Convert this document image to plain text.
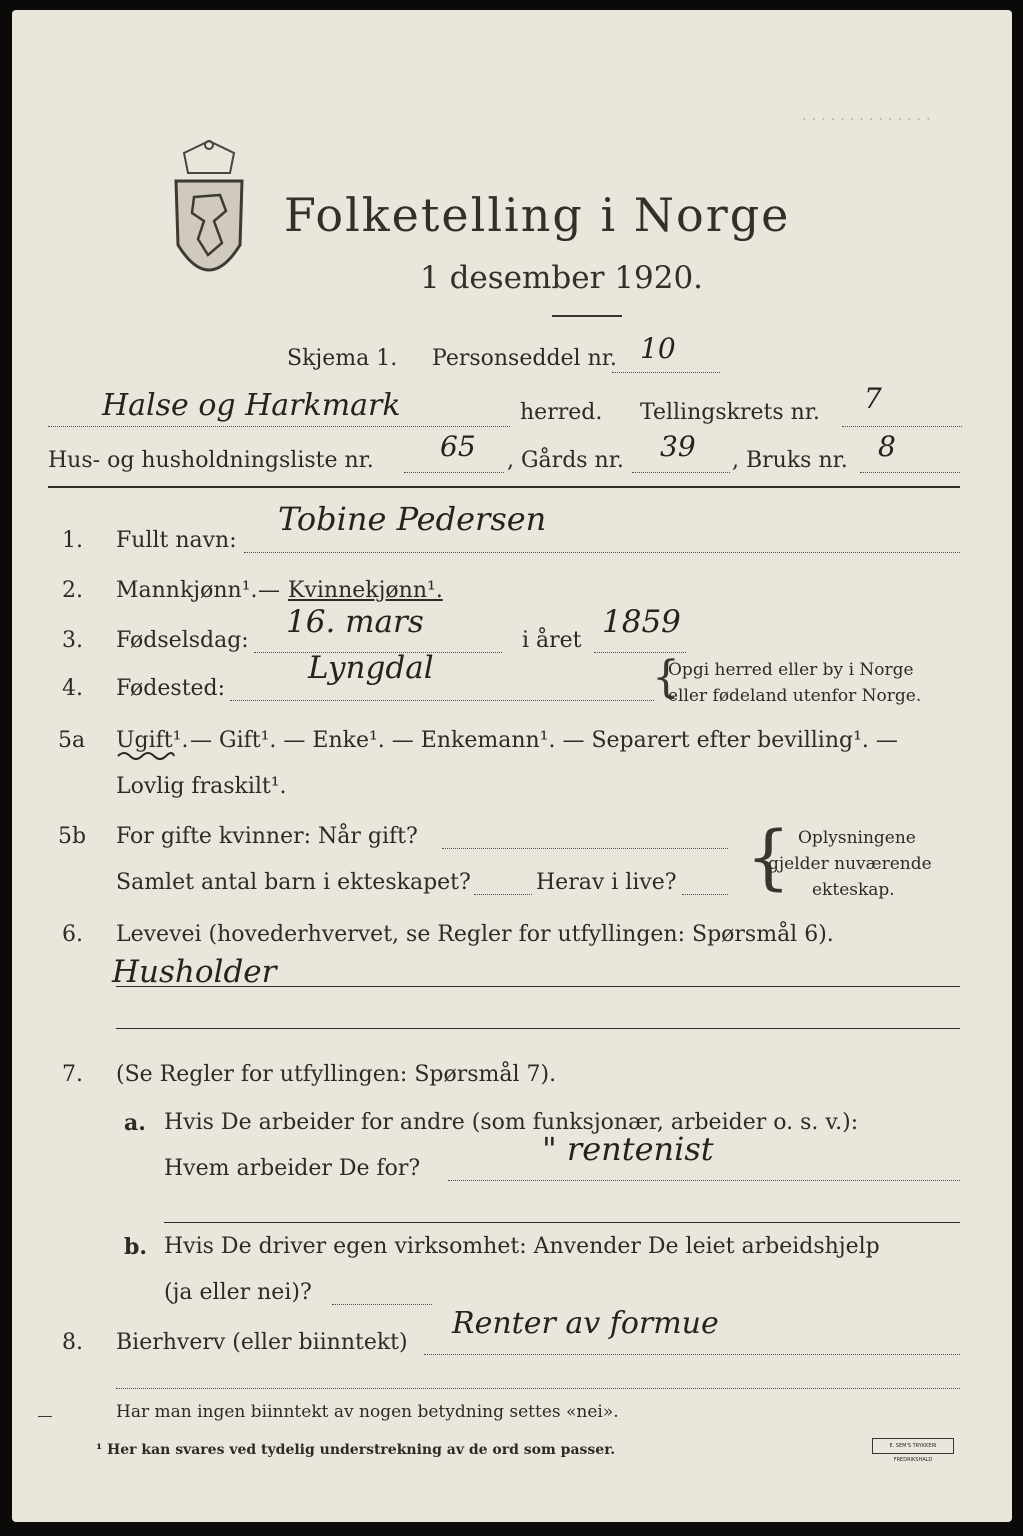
· · · · · · · · · · · · · ·
Folketelling i Norge
1 desember 1920.
Skjema 1. Personseddel nr. 10
Halse og Harkmark	herred. Tellingskrets nr. 7
Hus- og husholdningsliste nr. 65 , Gårds nr. 39 , Bruks nr. 8
1. Fullt navn:
Tobine Pedersen
2. Mannkjønn¹. — Kvinnekjønn¹.
3. Fødselsdag:
16. mars
i året
1859
4. Fødested:
Lyngdal	{
Opgi herred eller by i Norge
eller fødeland utenfor Norge.
5a Ugift¹. — Gift¹. — Enke¹. — Enkemann¹. — Separert efter bevilling¹. —
Lovlig fraskilt¹.
5b For gifte kvinner: Når gift?
Samlet antal barn i ekteskapet?	Herav i live? { Oplysningene
gjelder nuværende
ekteskap.
6. Levevei (hovederhvervet, se Regler for utfyllingen: Spørsmål 6).
Husholder
7. (Se Regler for utfyllingen: Spørsmål 7).
a. Hvis De arbeider for andre (som funksjonær, arbeider o. s. v.):
Hvem arbeider De for?
" rentenist
b. Hvis De driver egen virksomhet: Anvender De leiet arbeidshjelp
(ja eller nei)?
8. Bierhverv (eller biinntekt)
Renter av formue
Har man ingen biinntekt av nogen betydning settes «nei».
¹ Her kan svares ved tydelig understrekning av de ord som passer.	E. SEM'S TRYKKERI FREDRIKSHALD
